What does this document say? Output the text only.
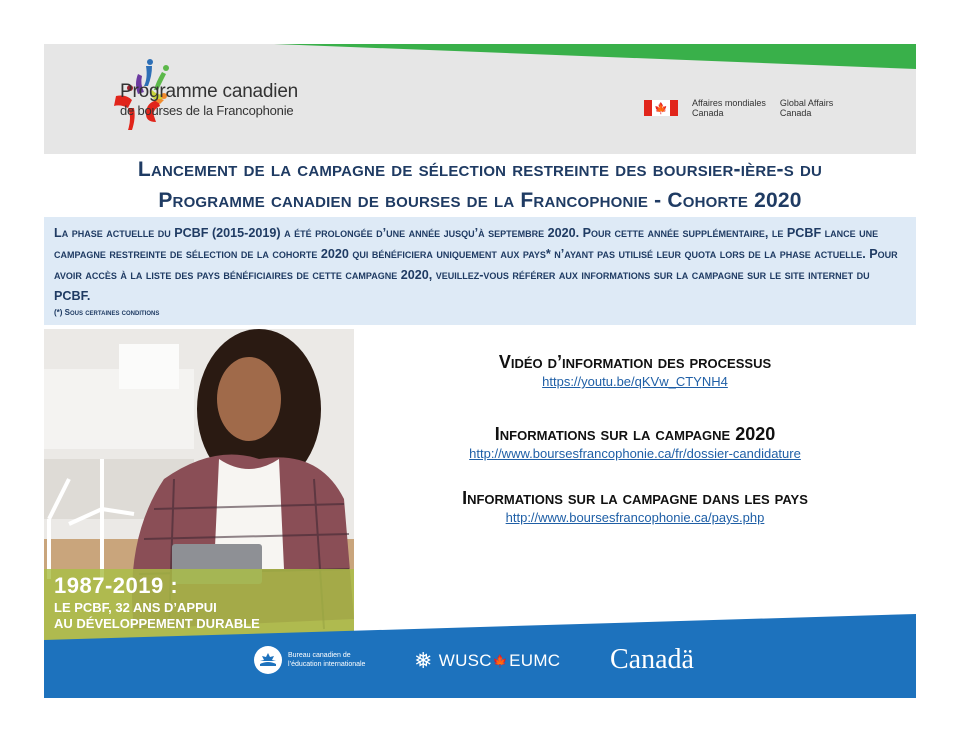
Programme canadien
de bourses de la Francophonie	🍁	Affaires mondiales
Canada
Global Affairs
Canada
Lancement de la campagne de sélection restreinte des boursier-ière-s du
Programme canadien de bourses de la Francophonie - Cohorte 2020

La phase actuelle du PCBF (2015-2019) a été prolongée d’une année jusqu’à septembre 2020. Pour cette année supplémentaire, le PCBF lance une campagne restreinte de sélection de la cohorte 2020 qui bénéficiera uniquement aux pays* n’ayant pas utilisé leur quota lors de la phase actuelle. Pour avoir accès à la liste des pays bénéficiaires de cette campagne 2020, veuillez-vous référer aux informations sur la campagne sur le site internet du PCBF.

(*) Sous certaines conditions

1987-2019 :
LE PCBF, 32 ANS D’APPUI
AU DÉVELOPPEMENT DURABLE
Vidéo d’information des processus
https://youtu.be/qKVw_CTYNH4
Informations sur la campagne 2020
http://www.boursesfrancophonie.ca/fr/dossier-candidature
Informations sur la campagne dans les pays
http://www.boursesfrancophonie.ca/pays.php
Bureau canadien de
l’éducation internationale ❅ WUSC 🍁 EUMC Canadä
